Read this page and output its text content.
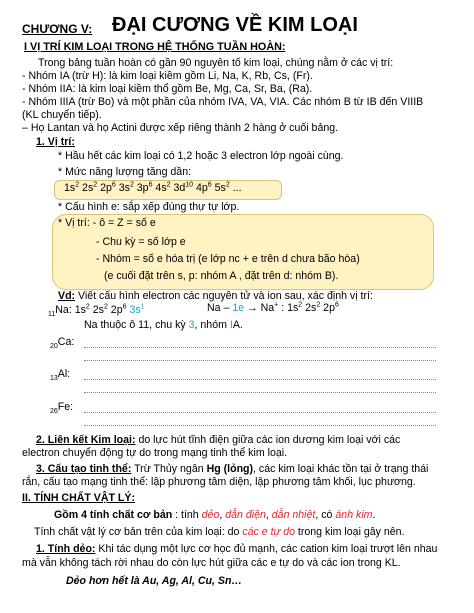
CHƯƠNG V: ĐẠI CƯƠNG VỀ KIM LOẠI
I VỊ TRÍ KIM LOẠI TRONG HỆ THỐNG TUẦN HOÀN:
Trong bảng tuần hoàn có gần 90 nguyên tố kim loại, chúng nằm ở các vị trí:
- Nhóm IA (trừ H): là kim loại kiềm gồm Li, Na, K, Rb, Cs, (Fr).
- Nhóm IIA: là kim loại kiềm thổ gồm Be, Mg, Ca, Sr, Ba, (Ra).
- Nhóm IIIA (trừ Bo) và một phần của nhóm IVA, VA, VIA. Các nhóm B từ IB đến VIIIB
(KL chuyển tiếp).
– Họ Lantan và họ Actini được xếp riêng thành 2 hàng ở cuối bảng.
1. Vị trí:
* Hầu hết các kim loại có 1,2 hoặc 3 electron lớp ngoài cùng.
* Mức năng lượng tăng dần:
$1s^2$ $2s^2$ $2p^6$ $3s^2$ $3p^6$ $4s^2$ $3d^{10}$ $4p^6$ $5s^2$ ...
* Cấu hình e: sắp xếp đúng thự tự lớp.
* Vị trí: - ô = Z = số e
- Chu kỳ = số lớp e
- Nhóm = số e hóa trị (e lớp nc + e trên d chưa bão hòa)
(e cuối đặt trên s, p: nhóm A , đặt trên d: nhóm B).
Vd: Viết cấu hình electron các nguyên tử và ion sau, xác định vị trí:
$_{11}$Na: $1s^2$ $2s^2$ $2p^6$ $3s^1$	Na – 1e → Na+ : $1s^2$ $2s^2$ $2p^6$
Na thuộc ô 11, chu kỳ 3, nhóm IA.
$_{20}$Ca:
$_{13}$Al:
$_{26}$Fe:
2. Liên kết Kim loại: do lực hút tĩnh điện giữa các ion dương kim loại với các
electron chuyển động tự do trong mạng tinh thể kim loại.
3. Cấu tạo tinh thể: Trừ Thủy ngân Hg (lỏng), các kim loại khác tồn tại ở trạng thái
rắn, cấu tạo mạng tinh thể: lập phương tâm diện, lập phương tâm khối, lục phương.
II. TÍNH CHẤT VẬT LÝ:
Gồm 4 tính chất cơ bản : tính dẻo, dẫn điện, dẫn nhiệt, có ánh kim.
Tính chất vật lý cơ bản trên của kim loại: do các e tự do trong kim loại gây nên.
1. Tính dẻo: Khi tác dụng một lực cơ học đủ mạnh, các cation kim loại trượt lên nhau
mà vẫn không tách rời nhau do còn lực hút giữa các e tự do và các ion trong KL.
Dẻo hơn hết là Au, Ag, Al, Cu, Sn…
